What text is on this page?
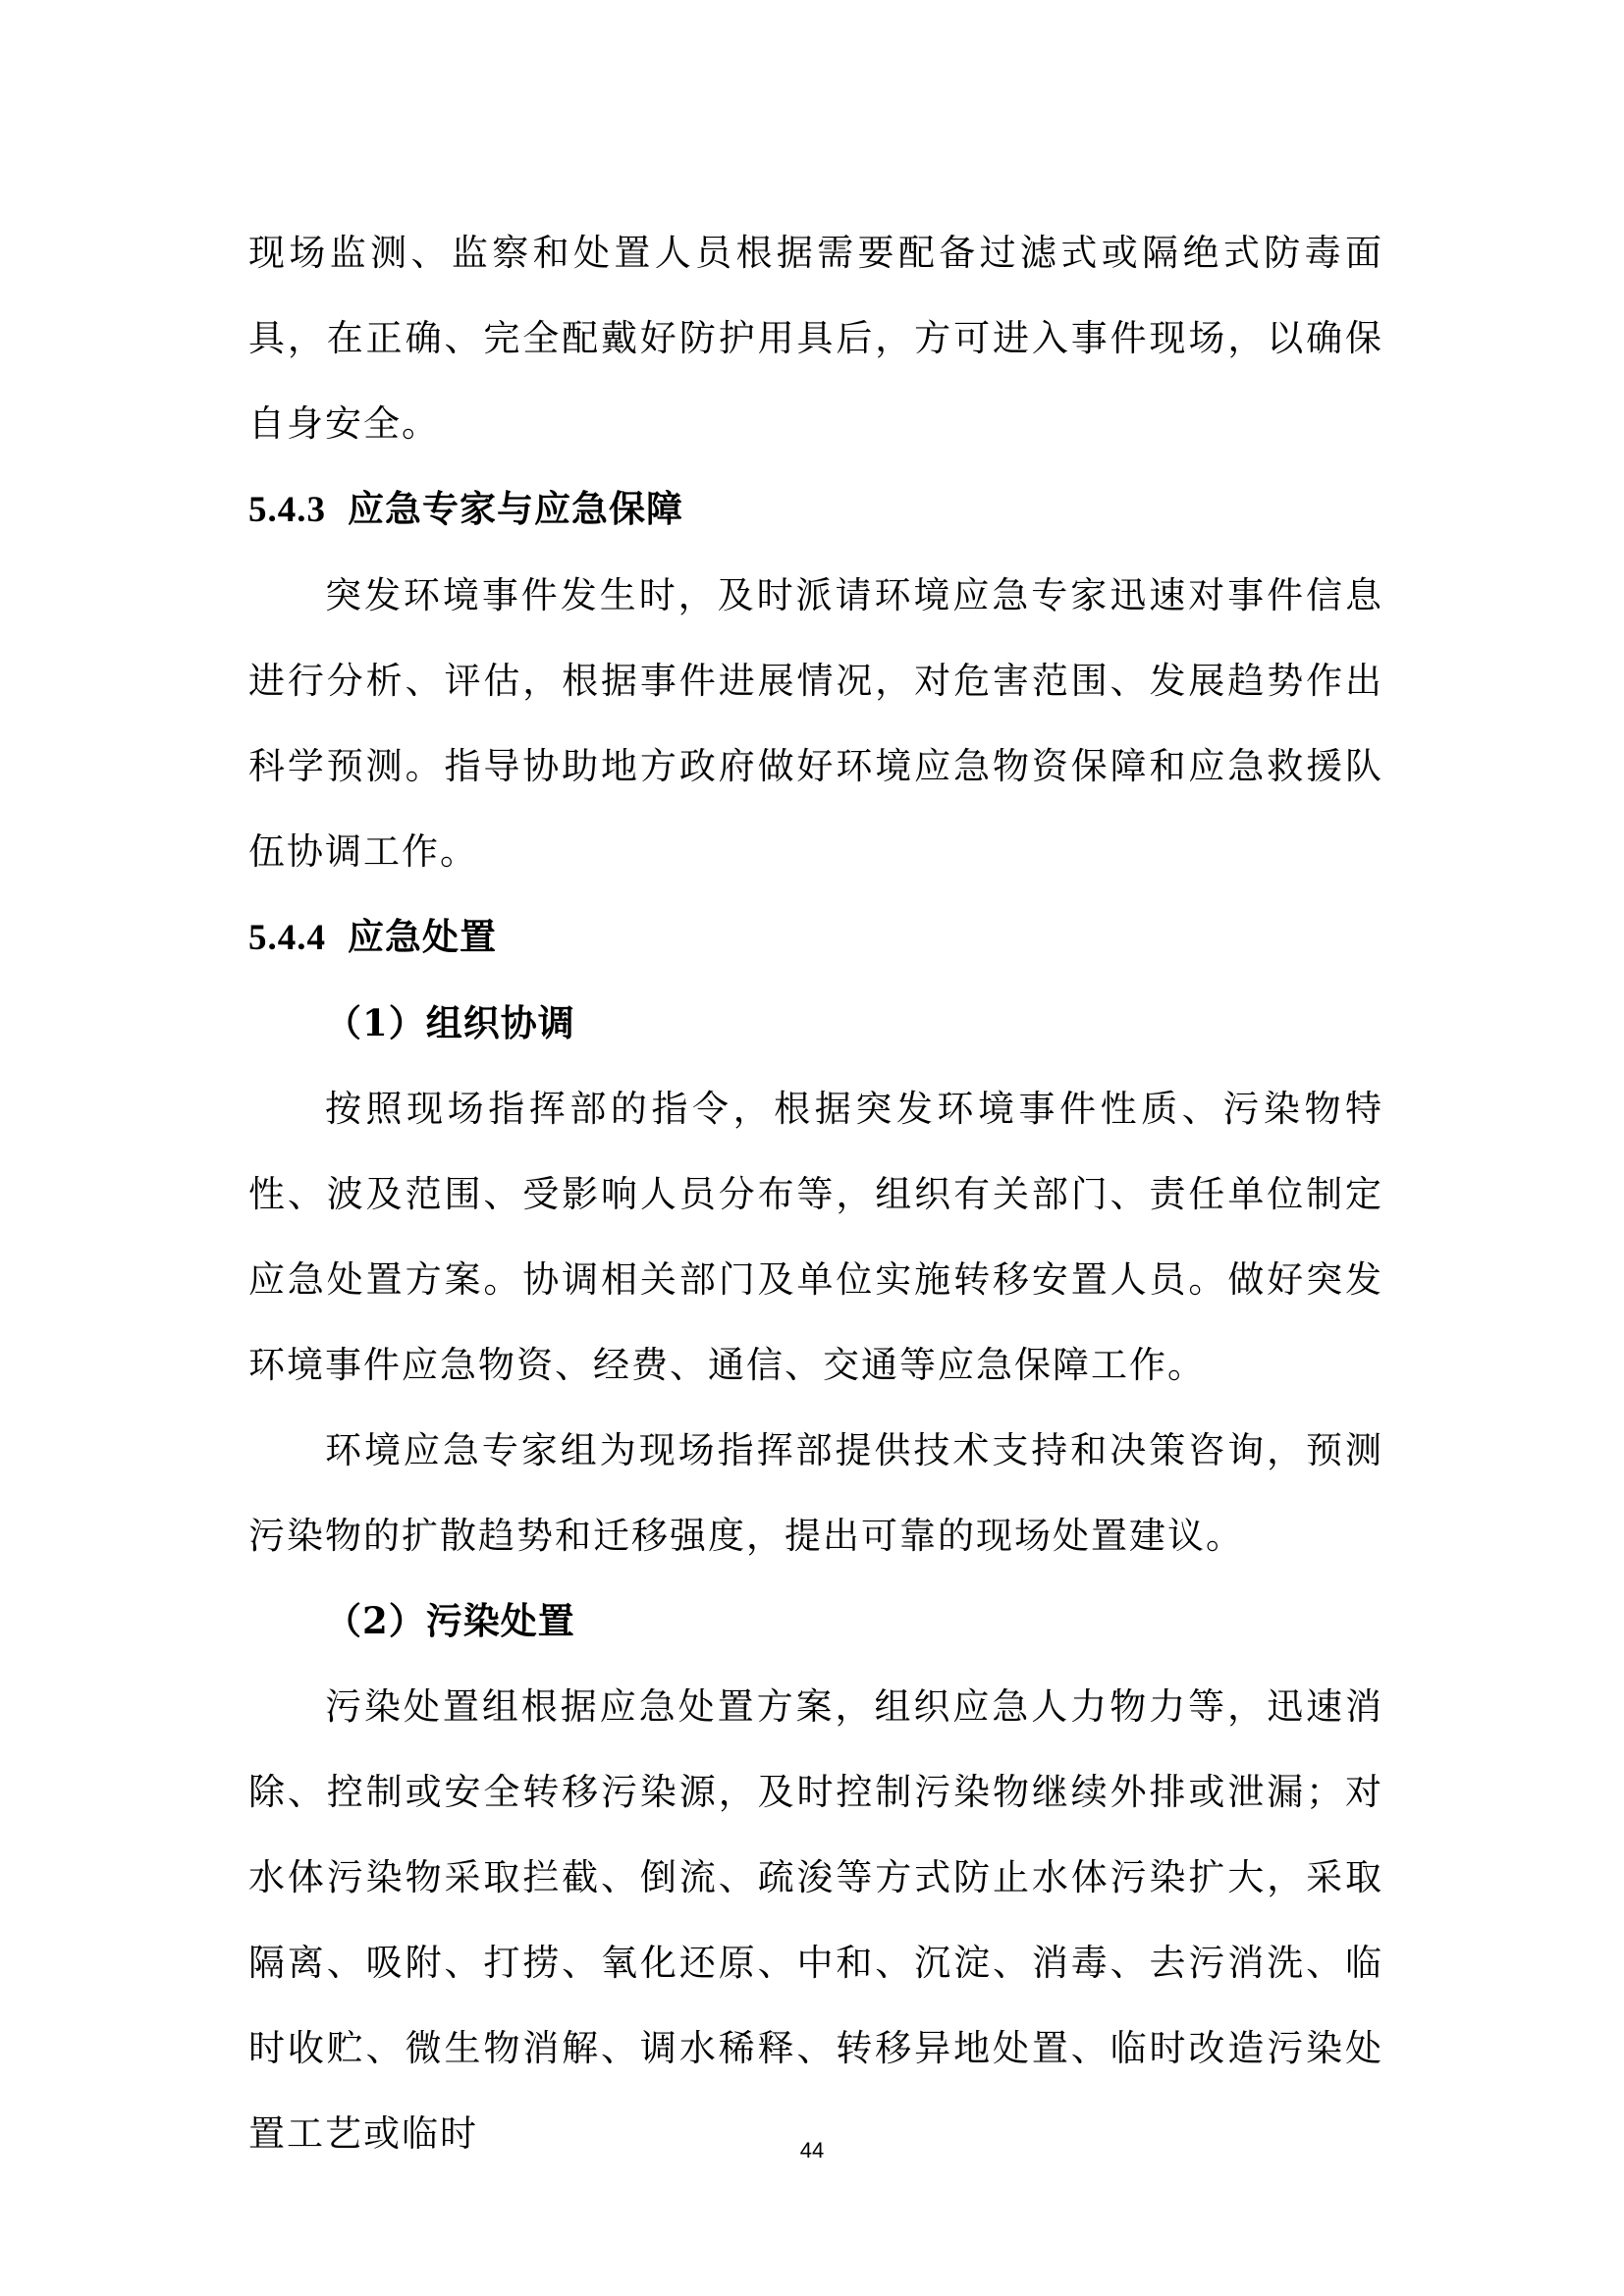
现场监测、监察和处置人员根据需要配备过滤式或隔绝式防毒面具，在正确、完全配戴好防护用具后，方可进入事件现场，以确保自身安全。

5.4.3 应急专家与应急保障

突发环境事件发生时，及时派请环境应急专家迅速对事件信息进行分析、评估，根据事件进展情况，对危害范围、发展趋势作出科学预测。指导协助地方政府做好环境应急物资保障和应急救援队伍协调工作。

5.4.4 应急处置

（1）组织协调

按照现场指挥部的指令，根据突发环境事件性质、污染物特性、波及范围、受影响人员分布等，组织有关部门、责任单位制定应急处置方案。协调相关部门及单位实施转移安置人员。做好突发环境事件应急物资、经费、通信、交通等应急保障工作。

环境应急专家组为现场指挥部提供技术支持和决策咨询，预测污染物的扩散趋势和迁移强度，提出可靠的现场处置建议。

（2）污染处置

污染处置组根据应急处置方案，组织应急人力物力等，迅速消除、控制或安全转移污染源，及时控制污染物继续外排或泄漏；对水体污染物采取拦截、倒流、疏浚等方式防止水体污染扩大，采取隔离、吸附、打捞、氧化还原、中和、沉淀、消毒、去污消洗、临时收贮、微生物消解、调水稀释、转移异地处置、临时改造污染处置工艺或临时	44
